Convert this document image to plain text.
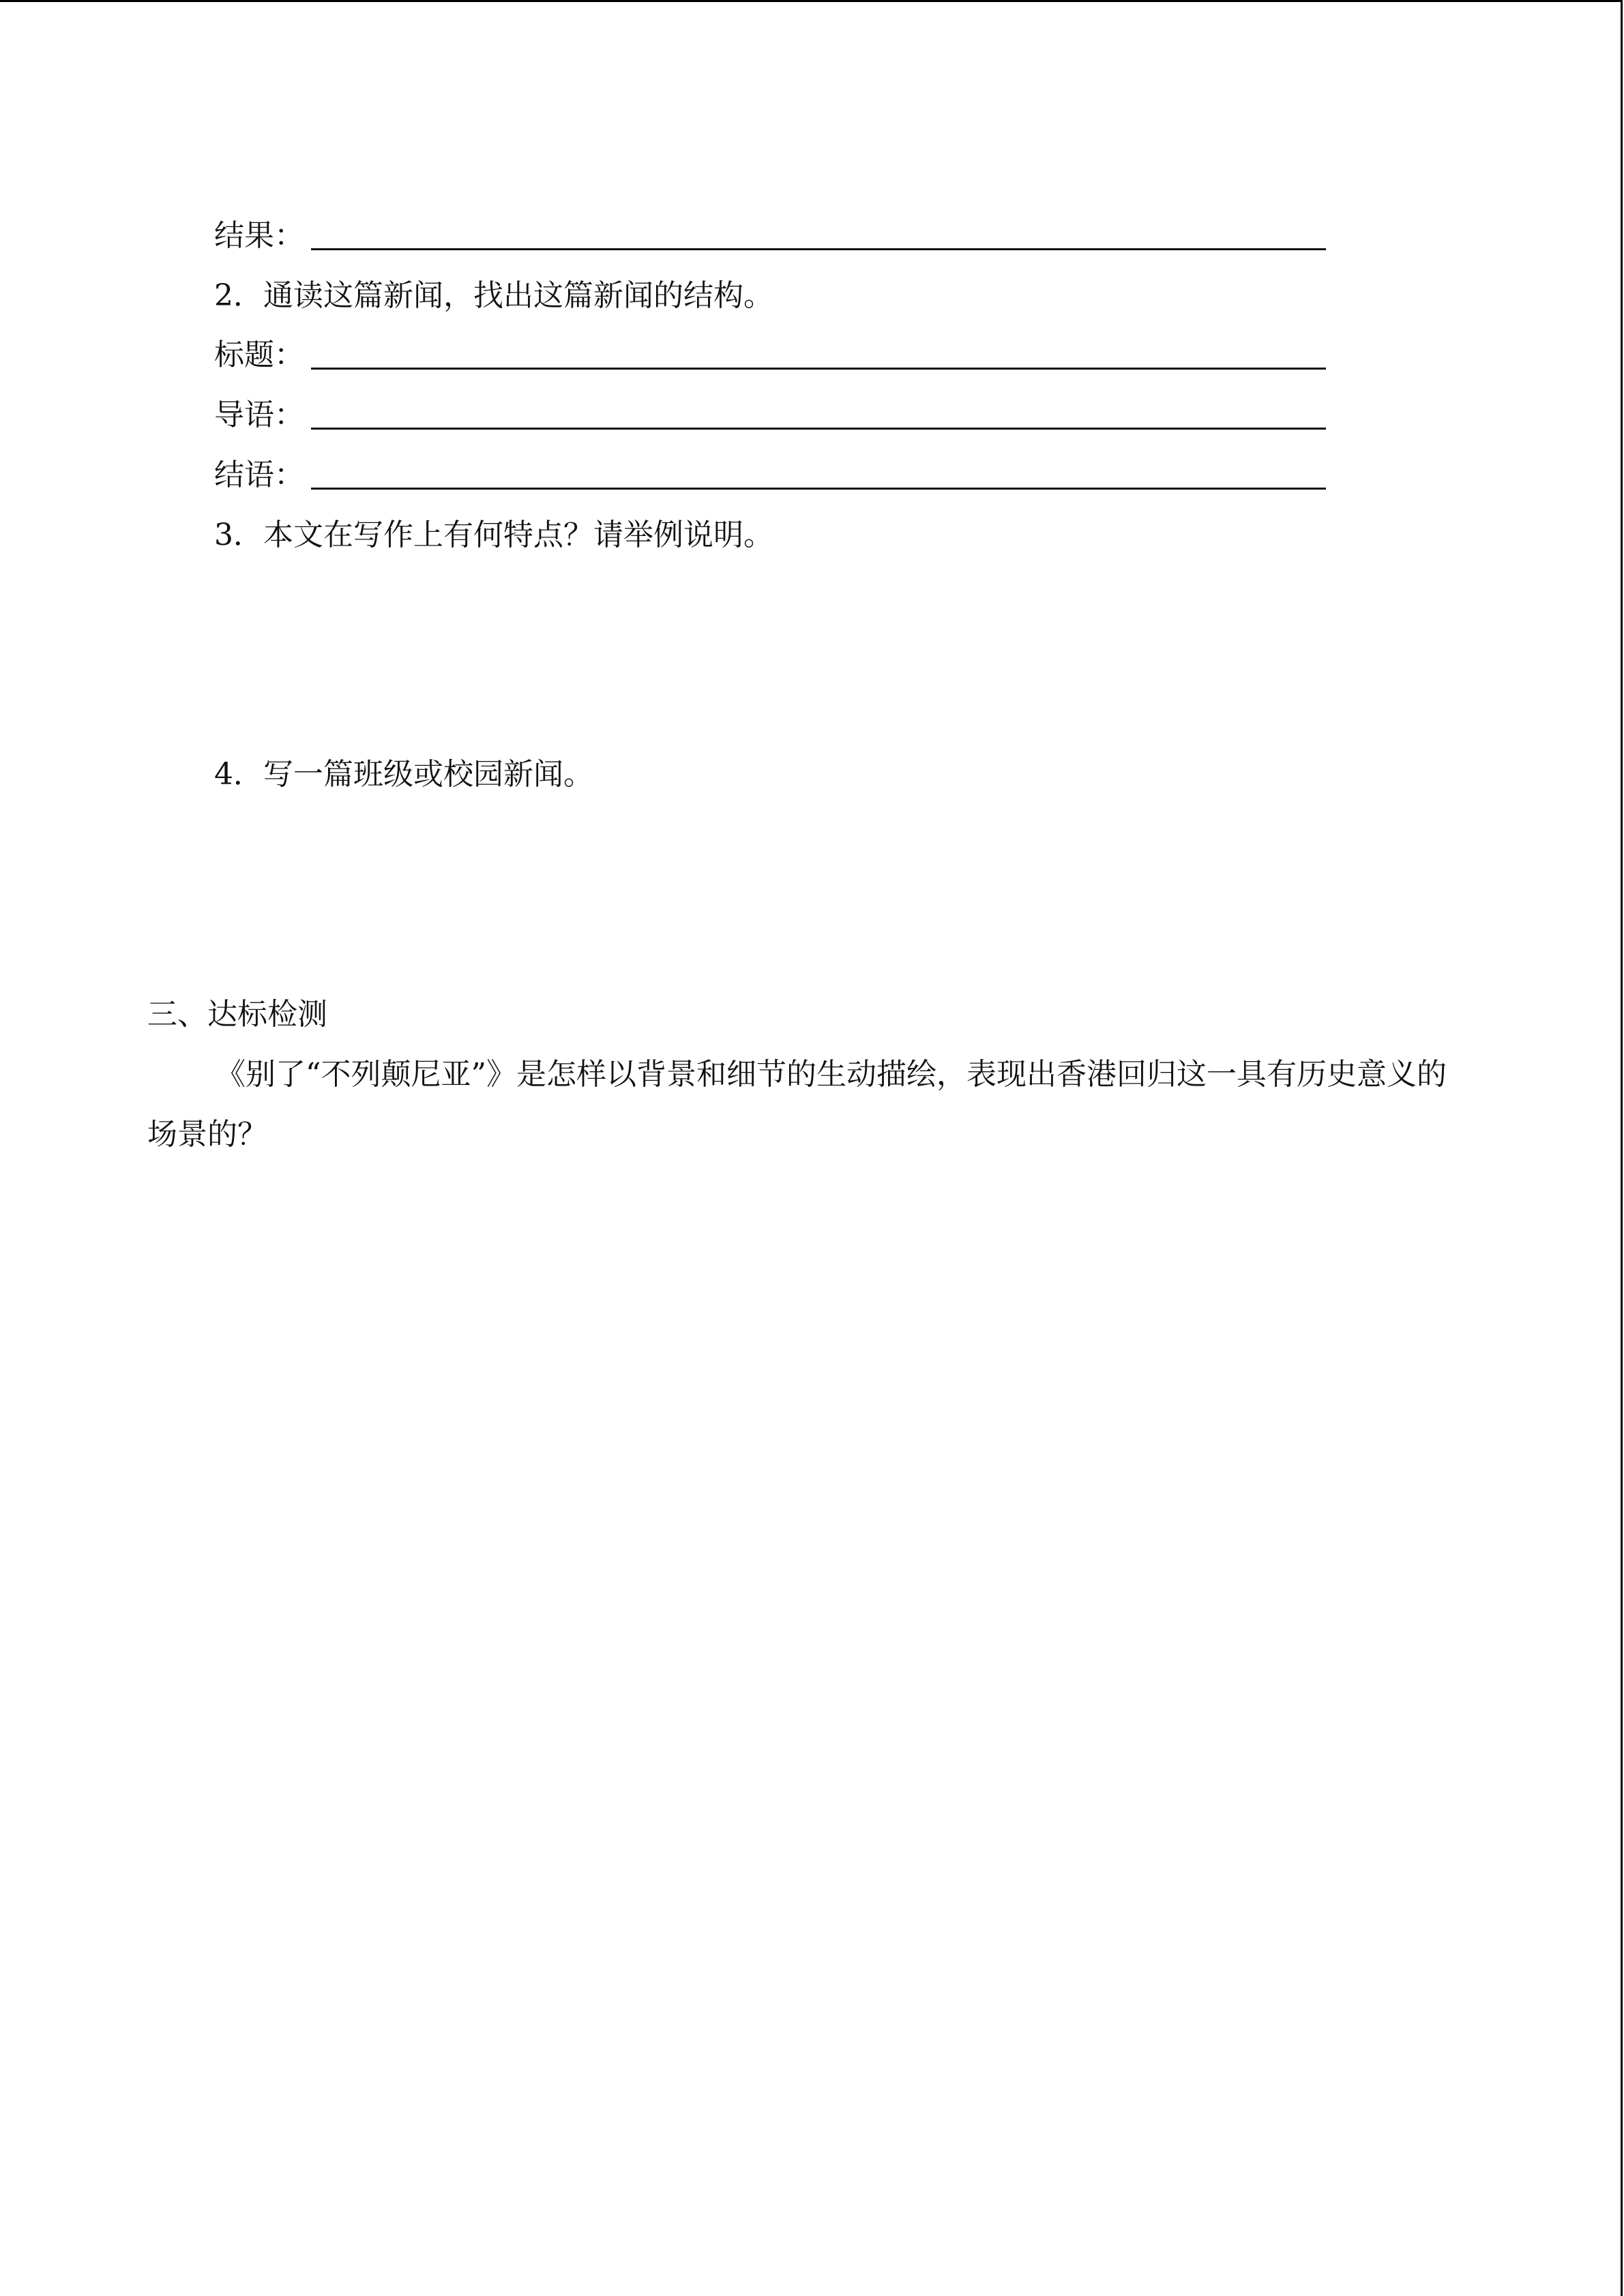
结果：
2．通读这篇新闻，找出这篇新闻的结构。
标题：
导语：
结语：
3．本文在写作上有何特点？请举例说明。
4．写一篇班级或校园新闻。
三、达标检测
《别了“不列颠尼亚”》是怎样以背景和细节的生动描绘，表现出香港回归这一具有历史意义的场景的？
